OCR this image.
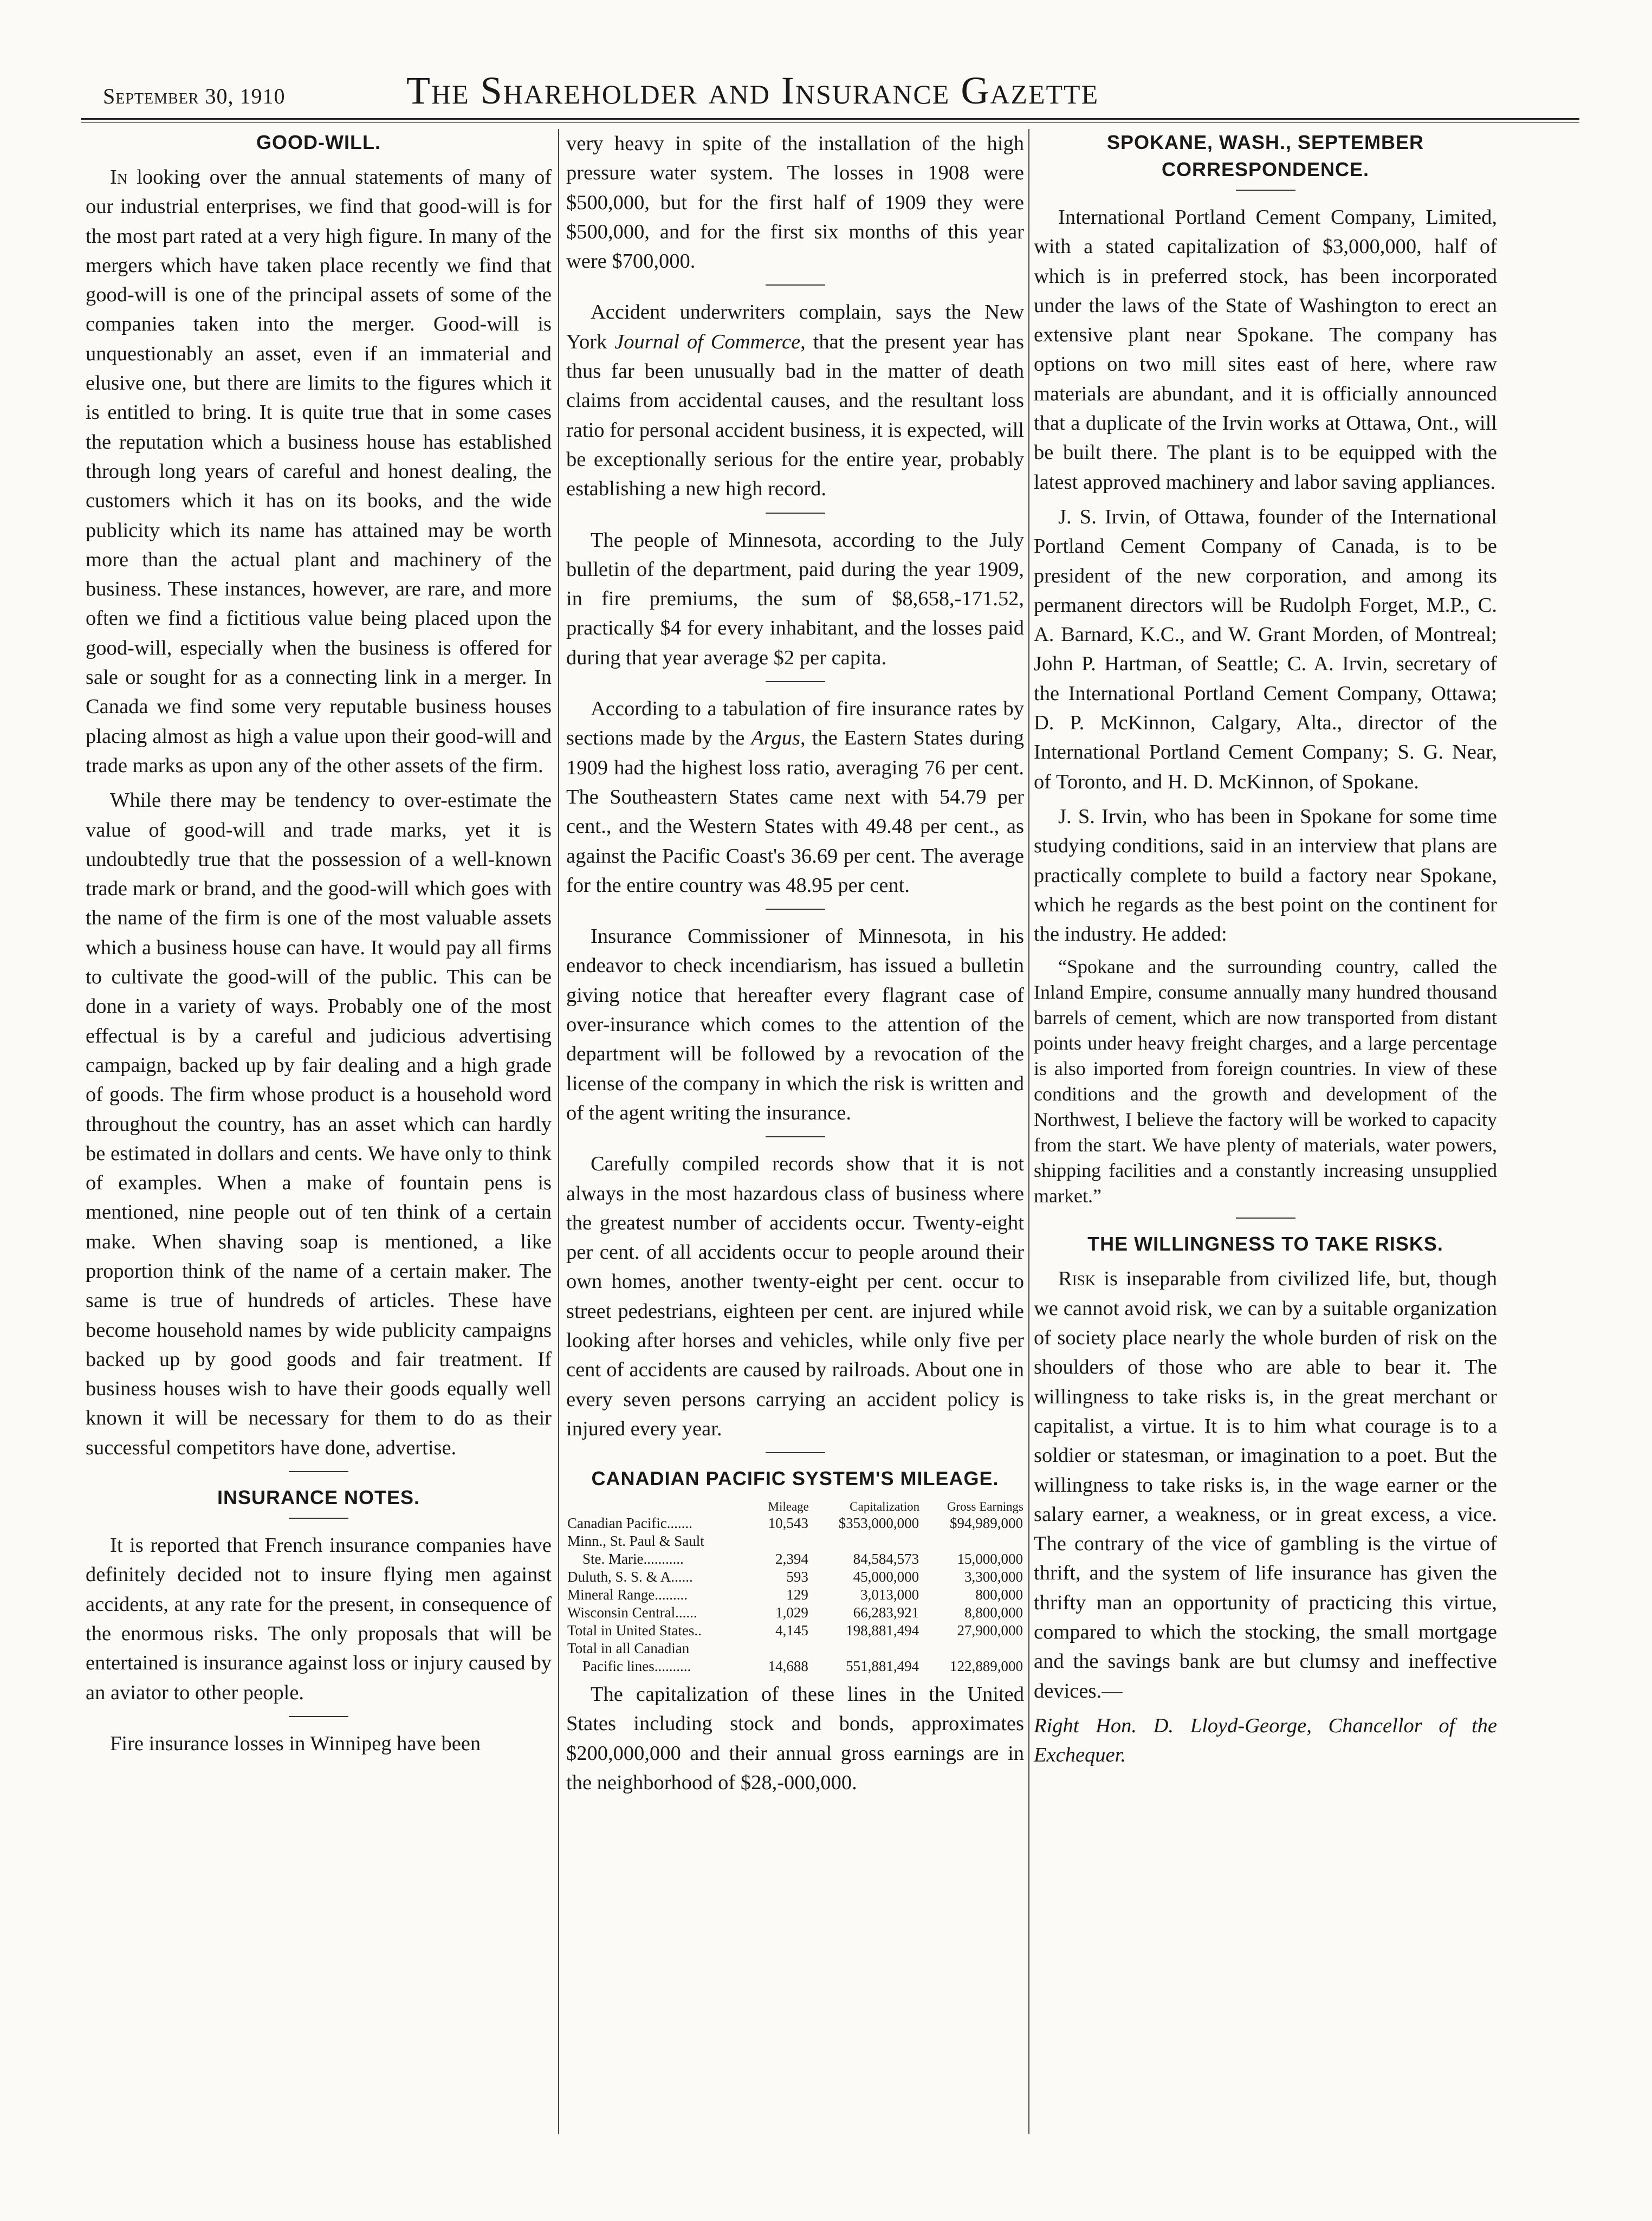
September 30, 1910	The Shareholder and Insurance Gazette
GOOD-WILL.

In looking over the annual statements of many of our industrial enterprises, we find that good-will is for the most part rated at a very high figure. In many of the mergers which have taken place recently we find that good-will is one of the principal assets of some of the companies taken into the merger. Good-will is unquestionably an asset, even if an immaterial and elusive one, but there are limits to the figures which it is entitled to bring. It is quite true that in some cases the reputation which a business house has established through long years of careful and honest dealing, the customers which it has on its books, and the wide publicity which its name has attained may be worth more than the actual plant and machinery of the business. These instances, however, are rare, and more often we find a fictitious value being placed upon the good-will, especially when the business is offered for sale or sought for as a connecting link in a merger. In Canada we find some very reputable business houses placing almost as high a value upon their good-will and trade marks as upon any of the other assets of the firm.

While there may be tendency to over-estimate the value of good-will and trade marks, yet it is undoubtedly true that the possession of a well-known trade mark or brand, and the good-will which goes with the name of the firm is one of the most valuable assets which a business house can have. It would pay all firms to cultivate the good-will of the public. This can be done in a variety of ways. Probably one of the most effectual is by a careful and judicious advertising campaign, backed up by fair dealing and a high grade of goods. The firm whose product is a household word throughout the country, has an asset which can hardly be estimated in dollars and cents. We have only to think of examples. When a make of fountain pens is mentioned, nine people out of ten think of a certain make. When shaving soap is mentioned, a like proportion think of the name of a certain maker. The same is true of hundreds of articles. These have become household names by wide publicity campaigns backed up by good goods and fair treatment. If business houses wish to have their goods equally well known it will be necessary for them to do as their successful competitors have done, advertise.

INSURANCE NOTES.

It is reported that French insurance companies have definitely decided not to insure flying men against accidents, at any rate for the present, in consequence of the enormous risks. The only proposals that will be entertained is insurance against loss or injury caused by an aviator to other people.

Fire insurance losses in Winnipeg have been

very heavy in spite of the installation of the high pressure water system. The losses in 1908 were $500,000, but for the first half of 1909 they were $500,000, and for the first six months of this year were $700,000.

Accident underwriters complain, says the New York Journal of Commerce, that the present year has thus far been unusually bad in the matter of death claims from accidental causes, and the resultant loss ratio for personal accident business, it is expected, will be exceptionally serious for the entire year, probably establishing a new high record.

The people of Minnesota, according to the July bulletin of the department, paid during the year 1909, in fire premiums, the sum of $8,658,-171.52, practically $4 for every inhabitant, and the losses paid during that year average $2 per capita.

According to a tabulation of fire insurance rates by sections made by the Argus, the Eastern States during 1909 had the highest loss ratio, averaging 76 per cent. The Southeastern States came next with 54.79 per cent., and the Western States with 49.48 per cent., as against the Pacific Coast's 36.69 per cent. The average for the entire country was 48.95 per cent.

Insurance Commissioner of Minnesota, in his endeavor to check incendiarism, has issued a bulletin giving notice that hereafter every flagrant case of over-insurance which comes to the attention of the department will be followed by a revocation of the license of the company in which the risk is written and of the agent writing the insurance.

Carefully compiled records show that it is not always in the most hazardous class of business where the greatest number of accidents occur. Twenty-eight per cent. of all accidents occur to people around their own homes, another twenty-eight per cent. occur to street pedestrians, eighteen per cent. are injured while looking after horses and vehicles, while only five per cent of accidents are caused by railroads. About one in every seven persons carrying an accident policy is injured every year.

CANADIAN PACIFIC SYSTEM'S MILEAGE.
	Mileage	Capitalization	Gross Earnings
Canadian Pacific.......	10,543	$353,000,000	$94,989,000
Minn., St. Paul & Sault			
Ste. Marie...........	2,394	84,584,573	15,000,000
Duluth, S. S. & A......	593	45,000,000	3,300,000
Mineral Range.........	129	3,013,000	800,000
Wisconsin Central......	1,029	66,283,921	8,800,000
Total in United States..	4,145	198,881,494	27,900,000
Total in all Canadian			
Pacific lines..........	14,688	551,881,494	122,889,000

The capitalization of these lines in the United States including stock and bonds, approximates $200,000,000 and their annual gross earnings are in the neighborhood of $28,-000,000.

SPOKANE, WASH., SEPTEMBER CORRESPONDENCE.

International Portland Cement Company, Limited, with a stated capitalization of $3,000,000, half of which is in preferred stock, has been incorporated under the laws of the State of Washington to erect an extensive plant near Spokane. The company has options on two mill sites east of here, where raw materials are abundant, and it is officially announced that a duplicate of the Irvin works at Ottawa, Ont., will be built there. The plant is to be equipped with the latest approved machinery and labor saving appliances.

J. S. Irvin, of Ottawa, founder of the International Portland Cement Company of Canada, is to be president of the new corporation, and among its permanent directors will be Rudolph Forget, M.P., C. A. Barnard, K.C., and W. Grant Morden, of Montreal; John P. Hartman, of Seattle; C. A. Irvin, secretary of the International Portland Cement Company, Ottawa; D. P. McKinnon, Calgary, Alta., director of the International Portland Cement Company; S. G. Near, of Toronto, and H. D. McKinnon, of Spokane.

J. S. Irvin, who has been in Spokane for some time studying conditions, said in an interview that plans are practically complete to build a factory near Spokane, which he regards as the best point on the continent for the industry. He added:

“Spokane and the surrounding country, called the Inland Empire, consume annually many hundred thousand barrels of cement, which are now transported from distant points under heavy freight charges, and a large percentage is also imported from foreign countries. In view of these conditions and the growth and development of the Northwest, I believe the factory will be worked to capacity from the start. We have plenty of materials, water powers, shipping facilities and a constantly increasing unsupplied market.”

THE WILLINGNESS TO TAKE RISKS.

Risk is inseparable from civilized life, but, though we cannot avoid risk, we can by a suitable organization of society place nearly the whole burden of risk on the shoulders of those who are able to bear it. The willingness to take risks is, in the great merchant or capitalist, a virtue. It is to him what courage is to a soldier or statesman, or imagination to a poet. But the willingness to take risks is, in the wage earner or the salary earner, a weakness, or in great excess, a vice. The contrary of the vice of gambling is the virtue of thrift, and the system of life insurance has given the thrifty man an opportunity of practicing this virtue, compared to which the stocking, the small mortgage and the savings bank are but clumsy and ineffective devices.—

Right Hon. D. Lloyd-George, Chancellor of the Exchequer.
